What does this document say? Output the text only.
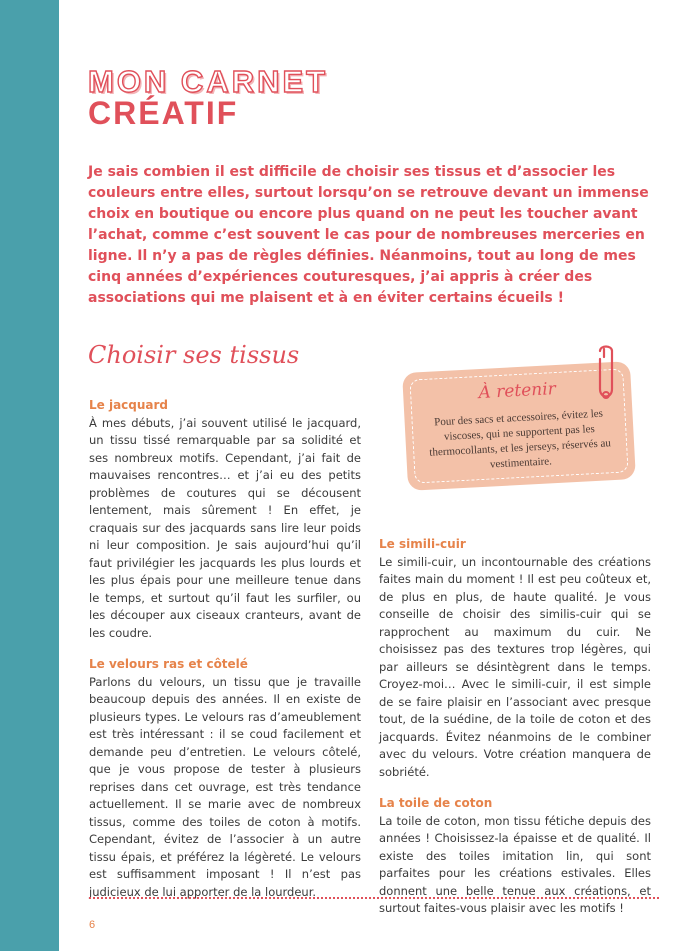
MON CARNET
CRÉATIF

Je sais combien il est difficile de choisir ses tissus et d’associer les couleurs entre elles, surtout lorsqu’on se retrouve devant un immense choix en boutique ou encore plus quand on ne peut les toucher avant l’achat, comme c’est souvent le cas pour de nombreuses merceries en ligne. Il n’y a pas de règles définies. Néanmoins, tout au long de mes cinq années d’expériences couturesques, j’ai appris à créer des associations qui me plaisent et à en éviter certains écueils !

Choisir ses tissus
Le jacquard

À mes débuts, j’ai souvent utilisé le jacquard, un tissu tissé remarquable par sa solidité et ses nombreux motifs. Cependant, j’ai fait de mauvaises rencontres… et j’ai eu des petits problèmes de coutures qui se décousent lentement, mais sûrement ! En effet, je craquais sur des jacquards sans lire leur poids ni leur composition. Je sais aujourd’hui qu’il faut privilégier les jacquards les plus lourds et les plus épais pour une meilleure tenue dans le temps, et surtout qu’il faut les surfiler, ou les découper aux ciseaux cranteurs, avant de les coudre.

Le velours ras et côtelé

Parlons du velours, un tissu que je travaille beaucoup depuis des années. Il en existe de plusieurs types. Le velours ras d’ameublement est très intéressant : il se coud facilement et demande peu d’entretien. Le velours côtelé, que je vous propose de tester à plusieurs reprises dans cet ouvrage, est très tendance actuellement. Il se marie avec de nombreux tissus, comme des toiles de coton à motifs. Cependant, évitez de l’associer à un autre tissu épais, et préférez la légèreté. Le velours est suffisamment imposant ! Il n’est pas judicieux de lui apporter de la lourdeur.

À retenir

Pour des sacs et accessoires, évitez les viscoses, qui ne supportent pas les thermocollants, et les jerseys, réservés au vestimentaire.

Le simili-cuir

Le simili-cuir, un incontournable des créations faites main du moment ! Il est peu coûteux et, de plus en plus, de haute qualité. Je vous conseille de choisir des similis-cuir qui se rapprochent au maximum du cuir. Ne choisissez pas des textures trop légères, qui par ailleurs se désintègrent dans le temps. Croyez-moi… Avec le simili-cuir, il est simple de se faire plaisir en l’associant avec presque tout, de la suédine, de la toile de coton et des jacquards. Évitez néanmoins de le combiner avec du velours. Votre création manquera de sobriété.

La toile de coton

La toile de coton, mon tissu fétiche depuis des années ! Choisissez-la épaisse et de qualité. Il existe des toiles imitation lin, qui sont parfaites pour les créations estivales. Elles donnent une belle tenue aux créations, et surtout faites-vous plaisir avec les motifs !

6
